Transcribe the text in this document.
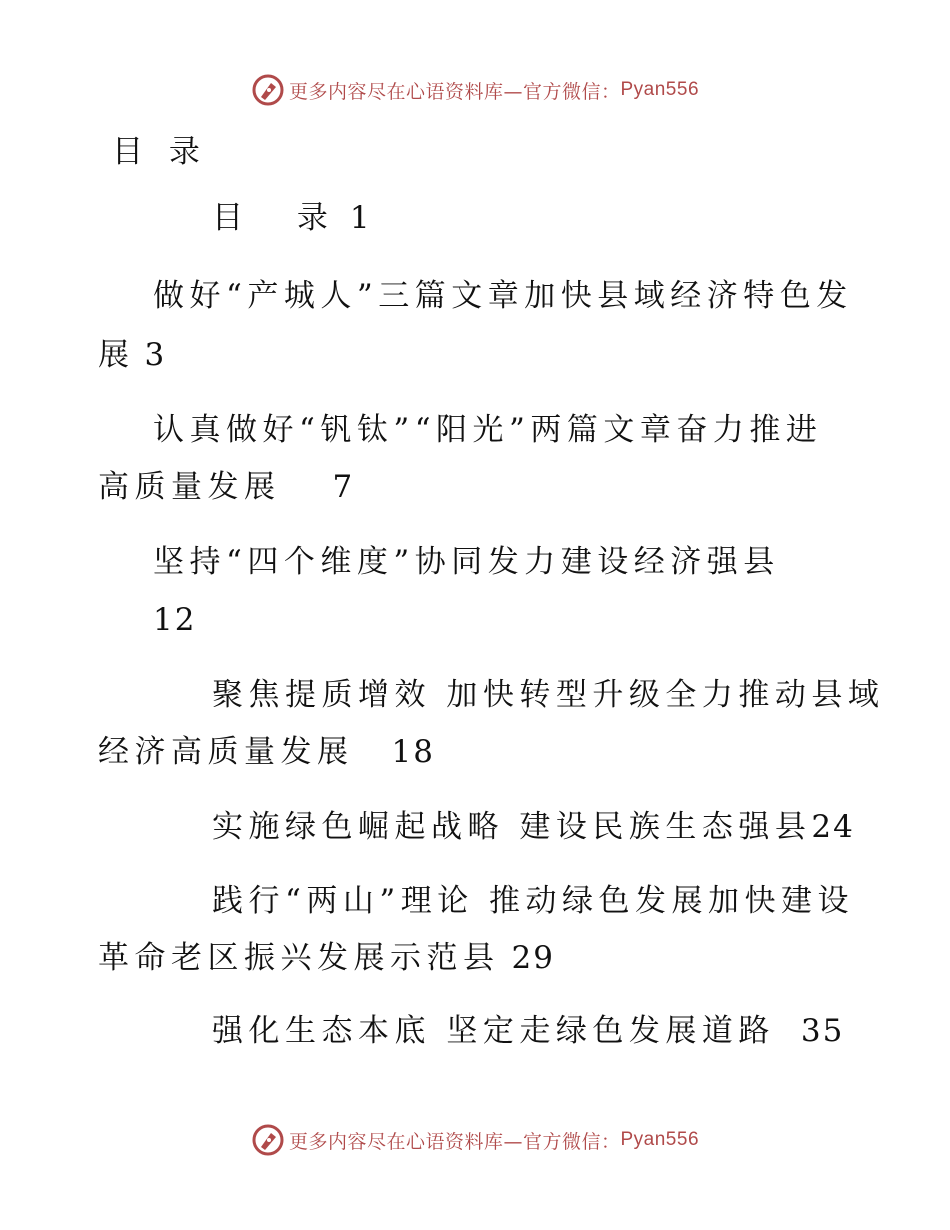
更多内容尽在心语资料库—官方微信： Pyan556
目 录
目 录1
做好“产城人”三篇文章加快县域经济特色发
展 3
认真做好“钒钛”“阳光”两篇文章奋力推进
高质量发展 7
坚持“四个维度”协同发力建设经济强县
12
聚焦提质增效 加快转型升级全力推动县域
经济高质量发展 18
实施绿色崛起战略 建设民族生态强县24
践行“两山”理论 推动绿色发展加快建设
革命老区振兴发展示范县 29
强化生态本底 坚定走绿色发展道路 35
更多内容尽在心语资料库—官方微信： Pyan556
